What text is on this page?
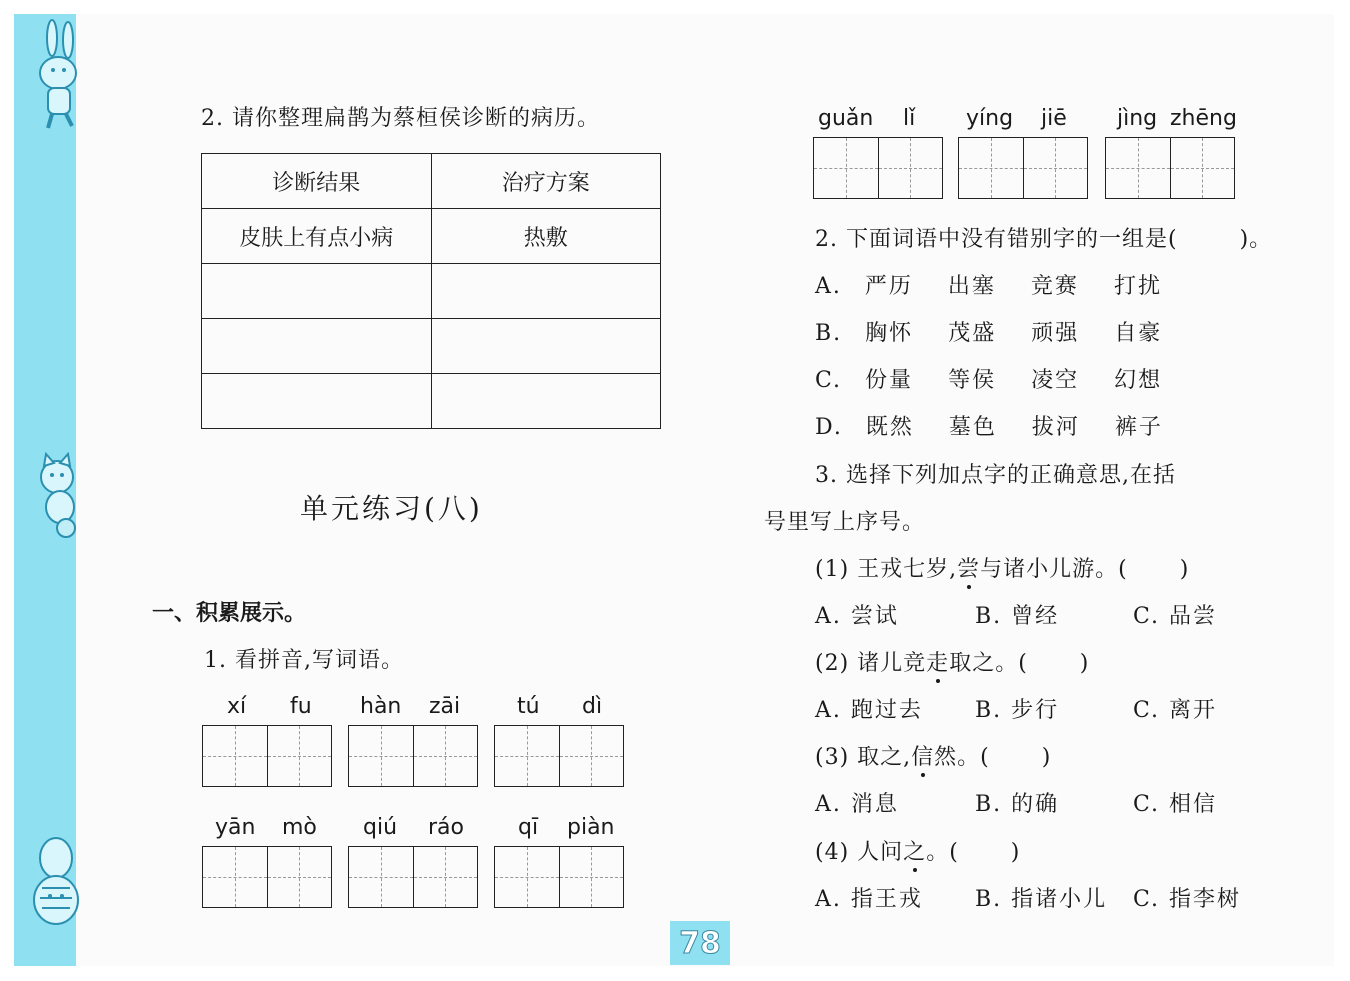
2. 请你整理扁鹊为蔡桓侯诊断的病历。
诊断结果	治疗方案
皮肤上有点小病	热敷

单元练习(八)
一、积累展示。
1. 看拼音,写词语。
xí fu hàn zāi	tú dì
yān mò qiú ráo qī piàn
guǎn lǐ yíng jiē jìng zhēng
2. 下面词语中没有错别字的一组是(	)。
A. 严历 出塞 竞赛 打扰
B. 胸怀 茂盛 顽强 自豪
C. 份量 等侯 凌空 幻想
D. 既然 墓色 拔河 裤子
3. 选择下列加点字的正确意思,在括
号里写上序号。
(1) 王戎七岁,尝与诸小儿游。( )
A. 尝试	B. 曾经	C. 品尝
(2) 诸儿竞走取之。( )
A. 跑过去 B. 步行	C. 离开
(3) 取之,信然。( )
A. 消息	B. 的确	C. 相信
(4) 人问之。( )
A. 指王戎 B. 指诸小儿 C. 指李树
78
